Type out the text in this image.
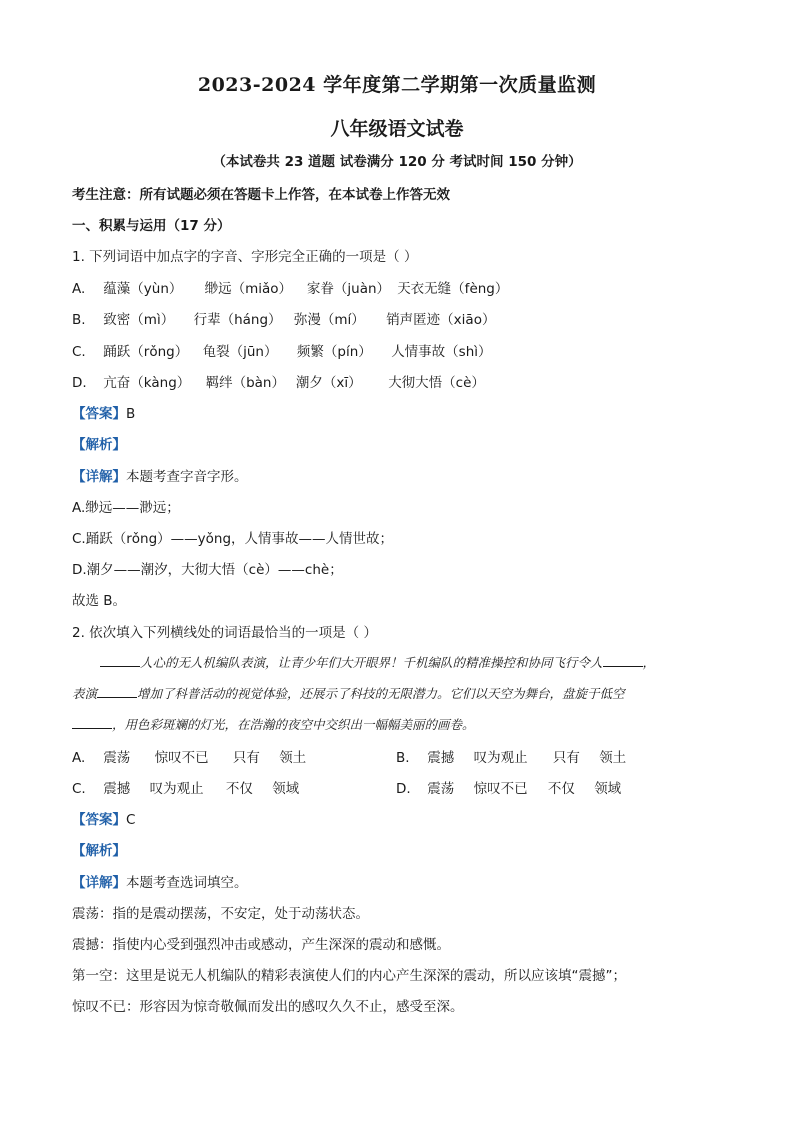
2023-2024 学年度第二学期第一次质量监测
八年级语文试卷
（本试卷共 23 道题 试卷满分 120 分 考试时间 150 分钟）
考生注意：所有试题必须在答题卡上作答，在本试卷上作答无效
一、积累与运用（17 分）
1. 下列词语中加点字的字音、字形完全正确的一项是（ ）
A. 蕴藻（yùn） 缈远（miǎo） 家眷（juàn） 天衣无缝（fèng）
B. 致密（mì） 行辈（háng） 弥漫（mí） 销声匿迹（xiāo）
C. 踊跃（rǒng） 龟裂（jūn） 频繁（pín） 人情事故（shì）
D. 亢奋（kàng） 羁绊（bàn） 潮夕（xī） 大彻大悟（cè）
【答案】B
【解析】
【详解】本题考查字音字形。
A.缈远——渺远；
C.踊跃（rǒng）——yǒng，人情事故——人情世故；
D.潮夕——潮汐，大彻大悟（cè）——chè；
故选 B。
2. 依次填入下列横线处的词语最恰当的一项是（ ）
人心的无人机编队表演，让青少年们大开眼界！千机编队的精准操控和协同飞行令人	，
表演	增加了科普活动的视觉体验，还展示了科技的无限潜力。它们以天空为舞台，盘旋于低空
，用色彩斑斓的灯光，在浩瀚的夜空中交织出一幅幅美丽的画卷。
A. 震荡 惊叹不已 只有 领土	B. 震撼 叹为观止 只有 领土
C. 震撼 叹为观止 不仅 领域	D. 震荡 惊叹不已 不仅 领域
【答案】C
【解析】
【详解】本题考查选词填空。
震荡：指的是震动摆荡，不安定，处于动荡状态。
震撼：指使内心受到强烈冲击或感动，产生深深的震动和感慨。
第一空：这里是说无人机编队的精彩表演使人们的内心产生深深的震动，所以应该填“震撼”；
惊叹不已：形容因为惊奇敬佩而发出的感叹久久不止，感受至深。
